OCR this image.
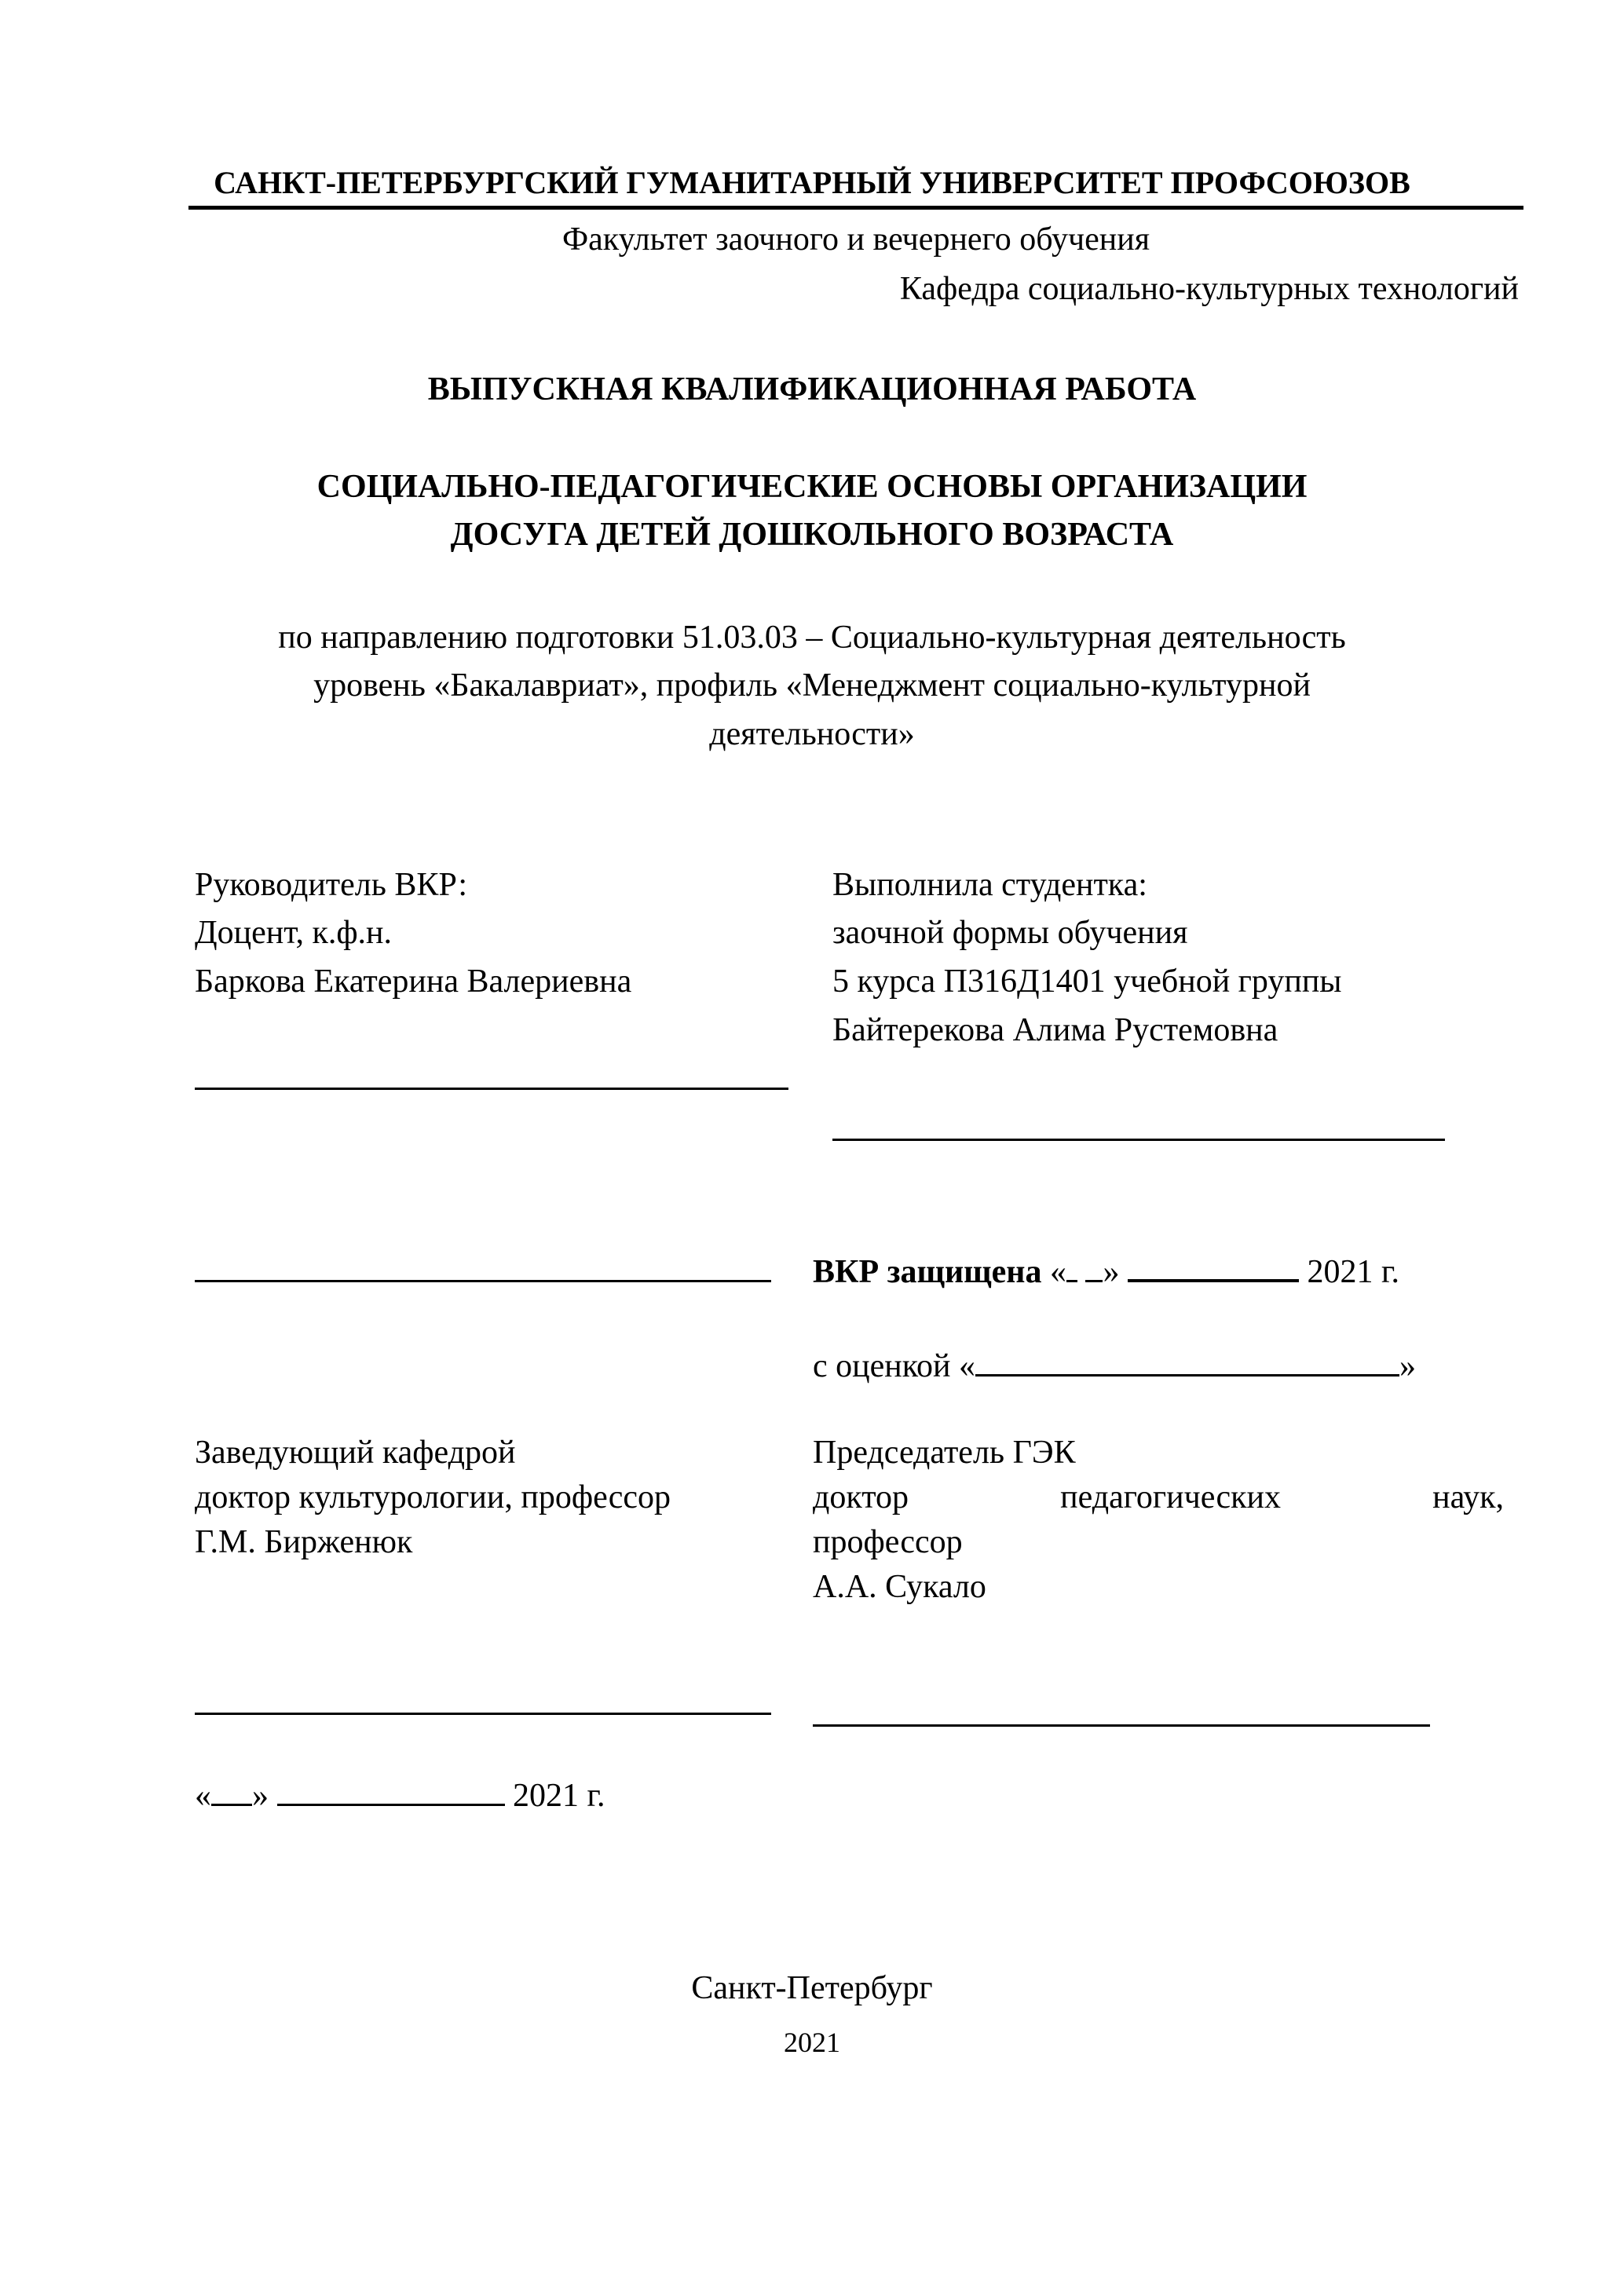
САНКТ-ПЕТЕРБУРГСКИЙ ГУМАНИТАРНЫЙ УНИВЕРСИТЕТ ПРОФСОЮЗОВ
Факультет заочного и вечернего обучения
Кафедра социально-культурных технологий
ВЫПУСКНАЯ КВАЛИФИКАЦИОННАЯ РАБОТА
СОЦИАЛЬНО-ПЕДАГОГИЧЕСКИЕ ОСНОВЫ ОРГАНИЗАЦИИ
ДОСУГА ДЕТЕЙ ДОШКОЛЬНОГО ВОЗРАСТА
по направлению подготовки 51.03.03 – Социально-культурная деятельность
уровень «Бакалавриат», профиль «Менеджмент социально-культурной
деятельности»
Руководитель ВКР:
Доцент, к.ф.н.
Баркова Екатерина Валериевна
Выполнила студентка:
заочной формы обучения
5 курса П316Д1401 учебной группы
Байтерекова Алима Рустемовна
ВКР защищена « »	2021 г.
с оценкой «	»
Заведующий кафедрой
доктор культурологии, профессор
Г.М. Бирженюк
Председатель ГЭК
доктор	педагогических	наук,
профессор
А.А. Сукало
« »	2021 г.
Санкт-Петербург
2021
